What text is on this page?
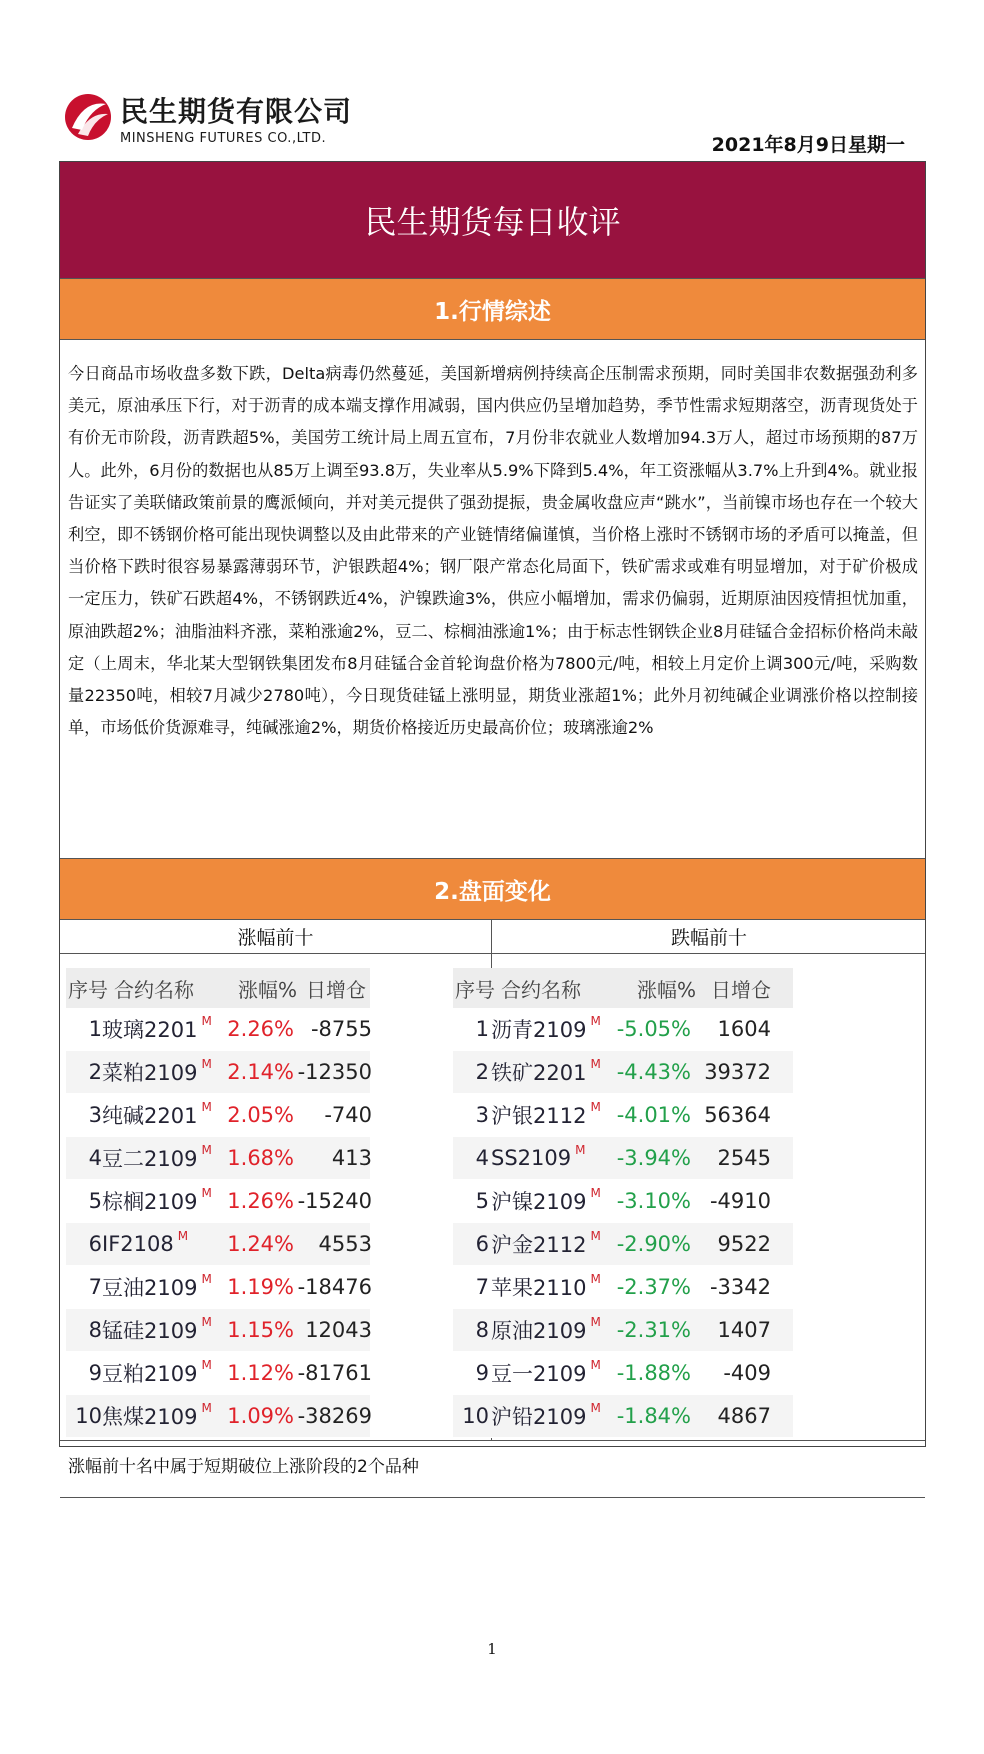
民生期货有限公司
MINSHENG FUTURES CO.,LTD.	2021年8月9日星期一
民生期货每日收评
1.行情综述
今日商品市场收盘多数下跌，Delta病毒仍然蔓延，美国新增病例持续高企压制需求预期，同时美国非农数据强劲利多美元，原油承压下行，对于沥青的成本端支撑作用减弱，国内供应仍呈增加趋势，季节性需求短期落空，沥青现货处于有价无市阶段，沥青跌超5%，美国劳工统计局上周五宣布，7月份非农就业人数增加94.3万人，超过市场预期的87万人。此外，6月份的数据也从85万上调至93.8万，失业率从5.9%下降到5.4%，年工资涨幅从3.7%上升到4%。就业报告证实了美联储政策前景的鹰派倾向，并对美元提供了强劲提振，贵金属收盘应声“跳水”，当前镍市场也存在一个较大利空，即不锈钢价格可能出现快调整以及由此带来的产业链情绪偏谨慎，当价格上涨时不锈钢市场的矛盾可以掩盖，但当价格下跌时很容易暴露薄弱环节，沪银跌超4%；钢厂限产常态化局面下，铁矿需求或难有明显增加，对于矿价极成一定压力，铁矿石跌超4%，不锈钢跌近4%，沪镍跌逾3%，供应小幅增加，需求仍偏弱，近期原油因疫情担忧加重，原油跌超2%；油脂油料齐涨，菜粕涨逾2%，豆二、棕榈油涨逾1%；由于标志性钢铁企业8月硅锰合金招标价格尚未敲定（上周末，华北某大型钢铁集团发布8月硅锰合金首轮询盘价格为7800元/吨，相较上月定价上调300元/吨，采购数量22350吨，相较7月减少2780吨），今日现货硅锰上涨明显，期货业涨超1%；此外月初纯碱企业调涨价格以控制接单，市场低价货源难寻，纯碱涨逾2%，期货价格接近历史最高价位；玻璃涨逾2%
2.盘面变化
涨幅前十	跌幅前十
序号 合约名称 涨幅% 日增仓
1 玻璃2201 M 2.26% -8755
2 菜粕2109 M 2.14% -12350
3 纯碱2201 M 2.05%	-740
4 豆二2109 M 1.68%	413
5 棕榈2109 M 1.26% -15240
6 IF2108 M	1.24%	4553
7 豆油2109 M 1.19% -18476
8 锰硅2109 M 1.15% 12043
9 豆粕2109 M 1.12% -81761
10 焦煤2109 M 1.09% -38269
序号 合约名称	涨幅% 日增仓
1 沥青2109 M -5.05%	1604
2 铁矿2201 M -4.43% 39372
3 沪银2112 M -4.01% 56364
4 SS2109 M	-3.94%	2545
5 沪镍2109 M -3.10% -4910
6 沪金2112 M -2.90%	9522
7 苹果2110 M -2.37% -3342
8 原油2109 M -2.31%	1407
9 豆一2109 M -1.88%	-409
10 沪铅2109 M -1.84%	4867
涨幅前十名中属于短期破位上涨阶段的2个品种
1
